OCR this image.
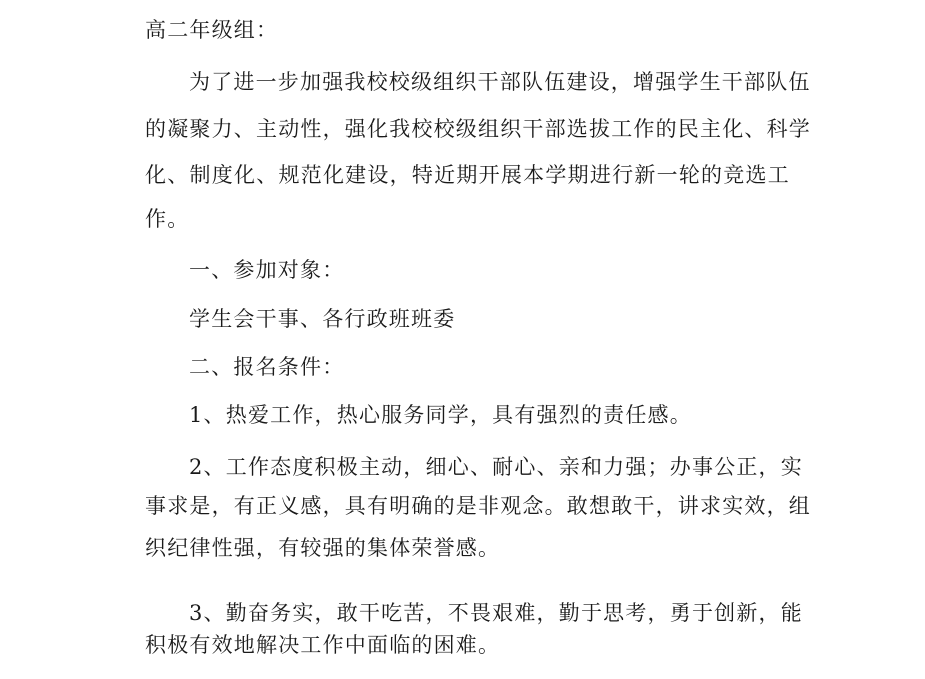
高二年级组：
为了进一步加强我校校级组织干部队伍建设，增强学生干部队伍
的凝聚力、主动性，强化我校校级组织干部选拔工作的民主化、科学
化、制度化、规范化建设，特近期开展本学期进行新一轮的竞选工
作。
一、参加对象：
学生会干事、各行政班班委
二、报名条件：
1、热爱工作，热心服务同学，具有强烈的责任感。
2、工作态度积极主动，细心、耐心、亲和力强；办事公正，实
事求是，有正义感，具有明确的是非观念。敢想敢干，讲求实效，组
织纪律性强，有较强的集体荣誉感。
3、勤奋务实，敢干吃苦，不畏艰难，勤于思考，勇于创新，能
积极有效地解决工作中面临的困难。
